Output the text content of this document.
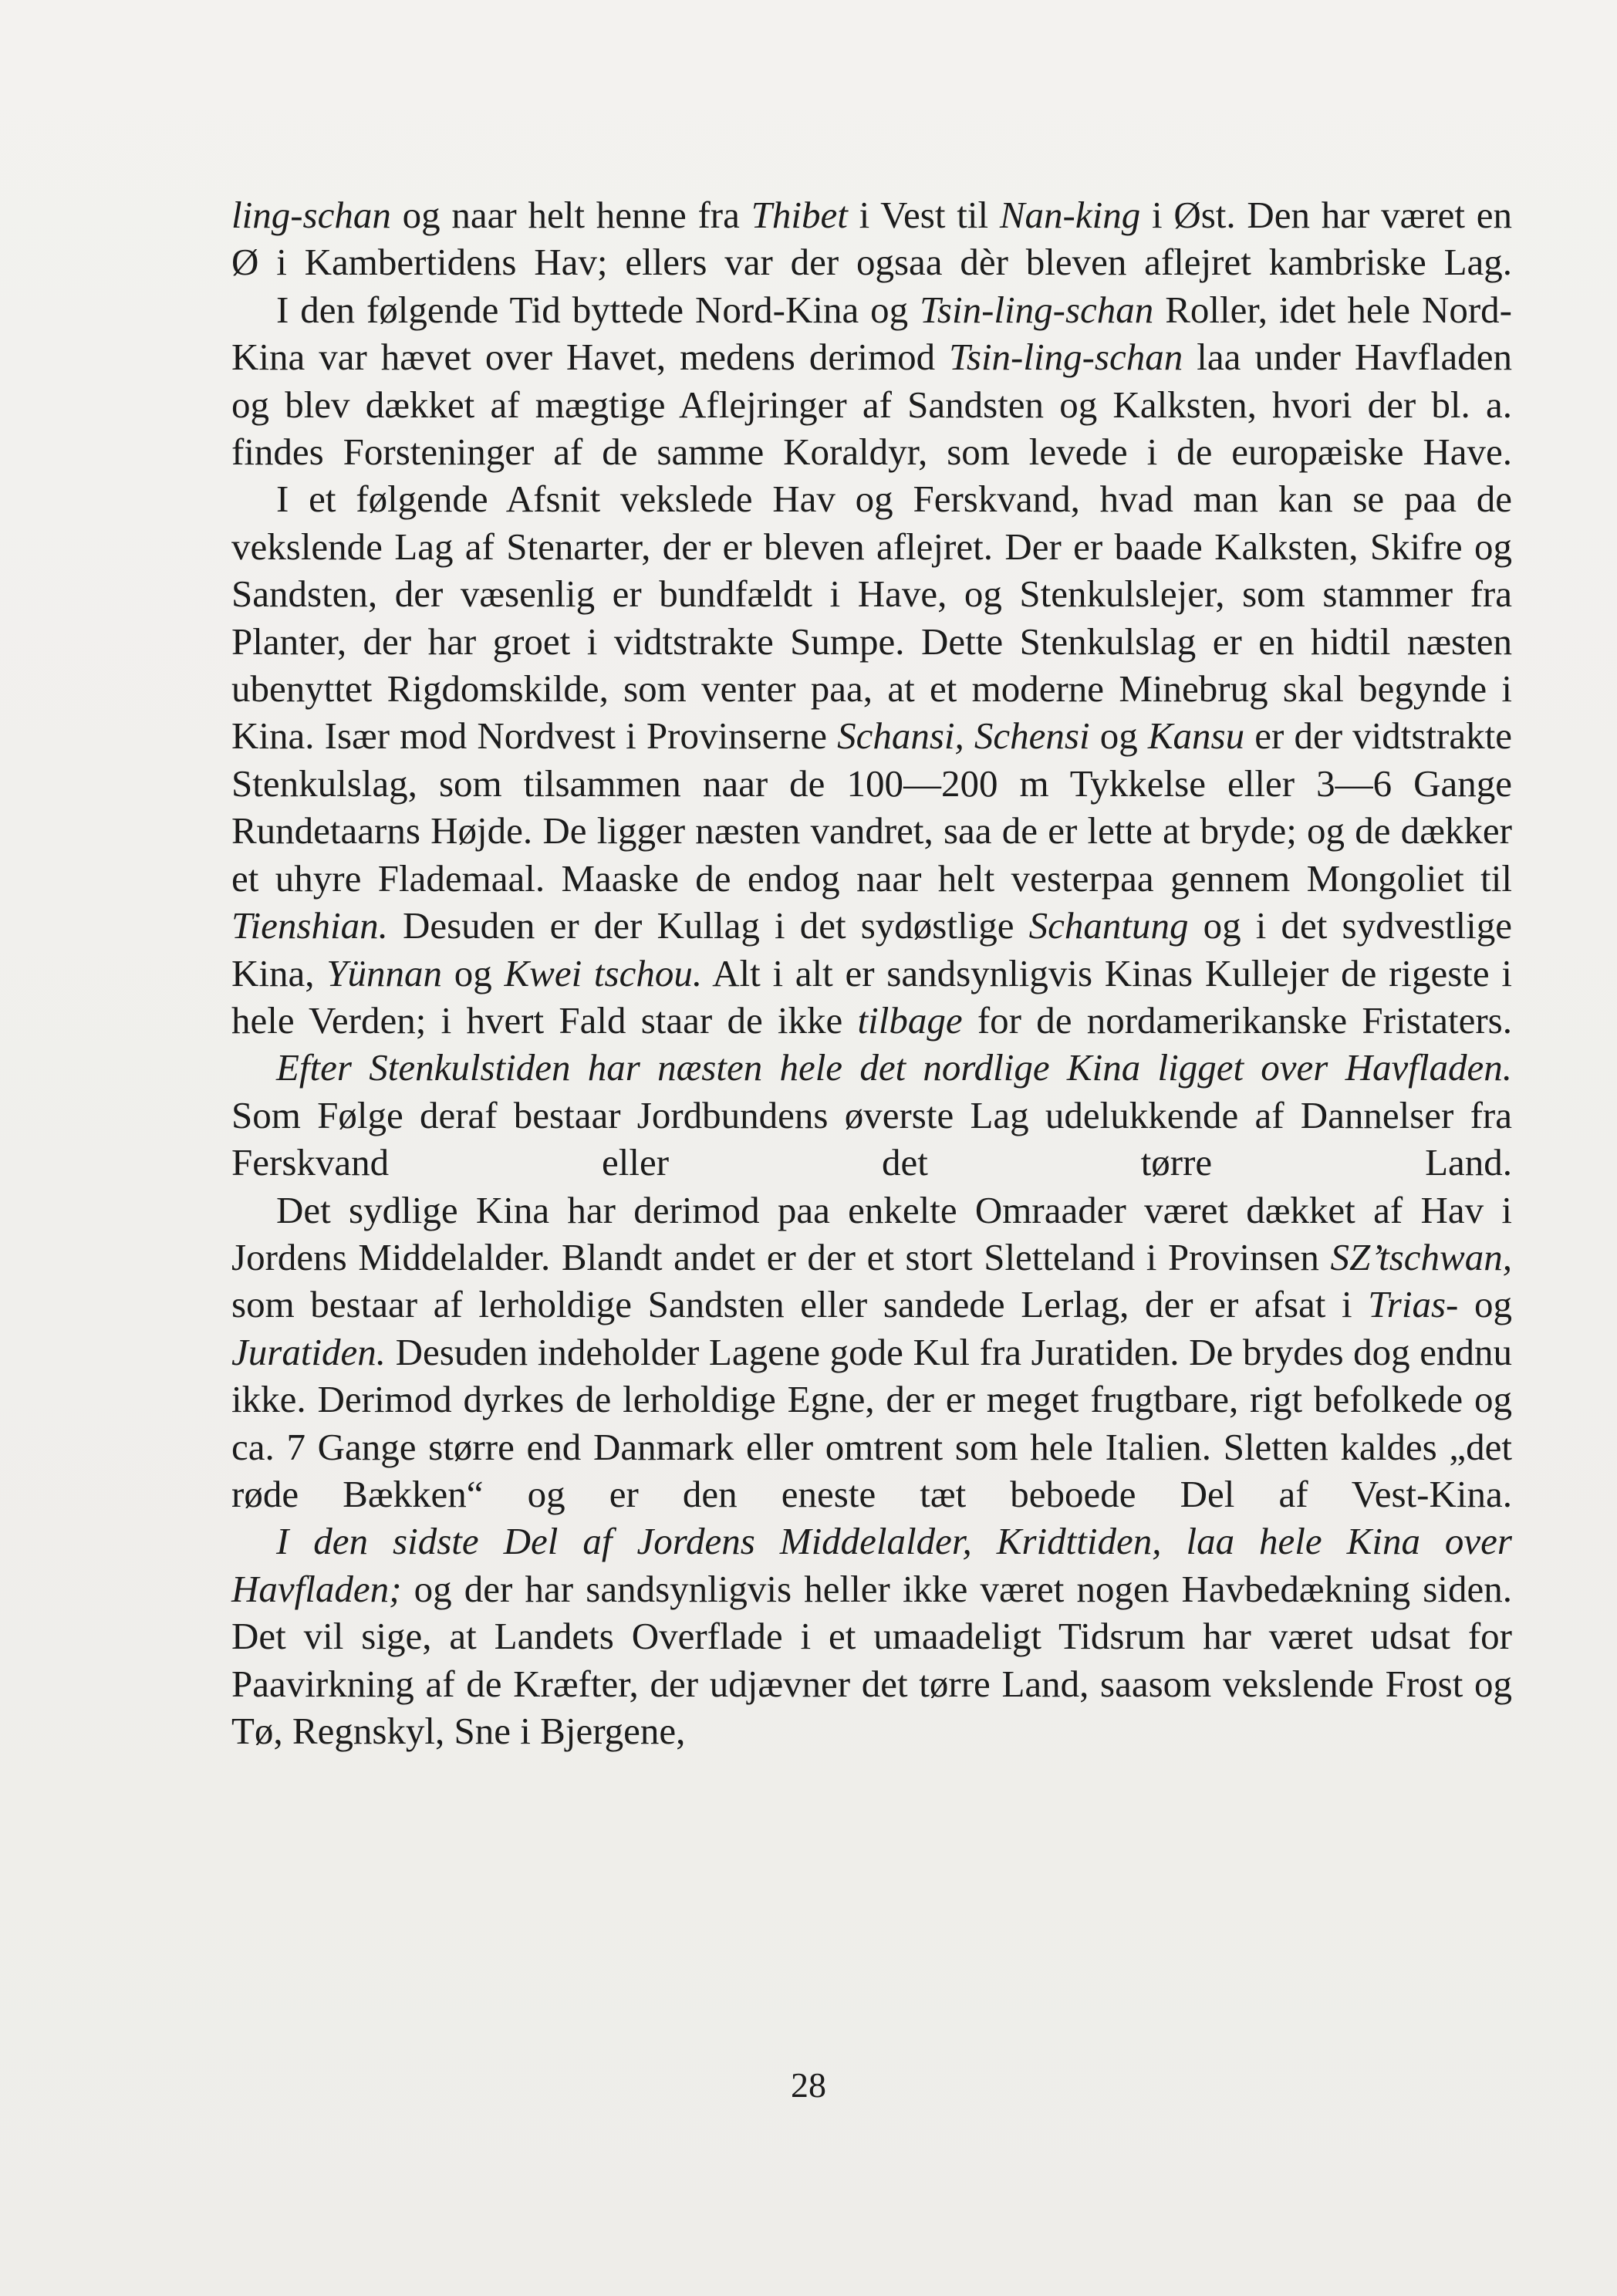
ling-schan og naar helt henne fra Thibet i Vest til Nan-king i Øst. Den har været en Ø i Kambertidens Hav; ellers var der ogsaa dèr bleven aflejret kambriske Lag.

I den følgende Tid byttede Nord-Kina og Tsin-ling-schan Roller, idet hele Nord-Kina var hævet over Havet, medens derimod Tsin-ling-schan laa under Havfladen og blev dækket af mægtige Aflejringer af Sandsten og Kalksten, hvori der bl. a. findes Forsteninger af de samme Koraldyr, som levede i de europæiske Have.

I et følgende Afsnit vekslede Hav og Ferskvand, hvad man kan se paa de vekslende Lag af Stenarter, der er bleven aflejret. Der er baade Kalksten, Skifre og Sandsten, der væsenlig er bundfældt i Have, og Stenkulslejer, som stammer fra Planter, der har groet i vidtstrakte Sumpe. Dette Stenkulslag er en hidtil næsten ubenyttet Rigdomskilde, som venter paa, at et moderne Minebrug skal begynde i Kina. Især mod Nordvest i Provinserne Schansi, Schensi og Kansu er der vidtstrakte Stenkulslag, som tilsammen naar de 100—200 m Tykkelse eller 3—6 Gange Rundetaarns Højde. De ligger næsten vandret, saa de er lette at bryde; og de dækker et uhyre Flademaal. Maaske de endog naar helt vesterpaa gennem Mongoliet til Tienshian. Desuden er der Kullag i det sydøstlige Schantung og i det sydvestlige Kina, Yünnan og Kwei tschou. Alt i alt er sandsynligvis Kinas Kullejer de rigeste i hele Verden; i hvert Fald staar de ikke tilbage for de nordamerikanske Fristaters.

Efter Stenkulstiden har næsten hele det nordlige Kina ligget over Havfladen. Som Følge deraf bestaar Jordbundens øverste Lag udelukkende af Dannelser fra Ferskvand eller det tørre Land.

Det sydlige Kina har derimod paa enkelte Omraader været dækket af Hav i Jordens Middelalder. Blandt andet er der et stort Sletteland i Provinsen SZ’tschwan, som bestaar af lerholdige Sandsten eller sandede Lerlag, der er afsat i Trias- og Juratiden. Desuden indeholder Lagene gode Kul fra Juratiden. De brydes dog endnu ikke. Derimod dyrkes de lerholdige Egne, der er meget frugtbare, rigt befolkede og ca. 7 Gange større end Danmark eller omtrent som hele Italien. Sletten kaldes „det røde Bækken“ og er den eneste tæt beboede Del af Vest-Kina.

I den sidste Del af Jordens Middelalder, Kridttiden, laa hele Kina over Havfladen; og der har sandsynligvis heller ikke været nogen Havbedækning siden. Det vil sige, at Landets Overflade i et umaadeligt Tidsrum har været udsat for Paavirkning af de Kræfter, der udjævner det tørre Land, saasom vekslende Frost og Tø, Regnskyl, Sne i Bjergene,

28
